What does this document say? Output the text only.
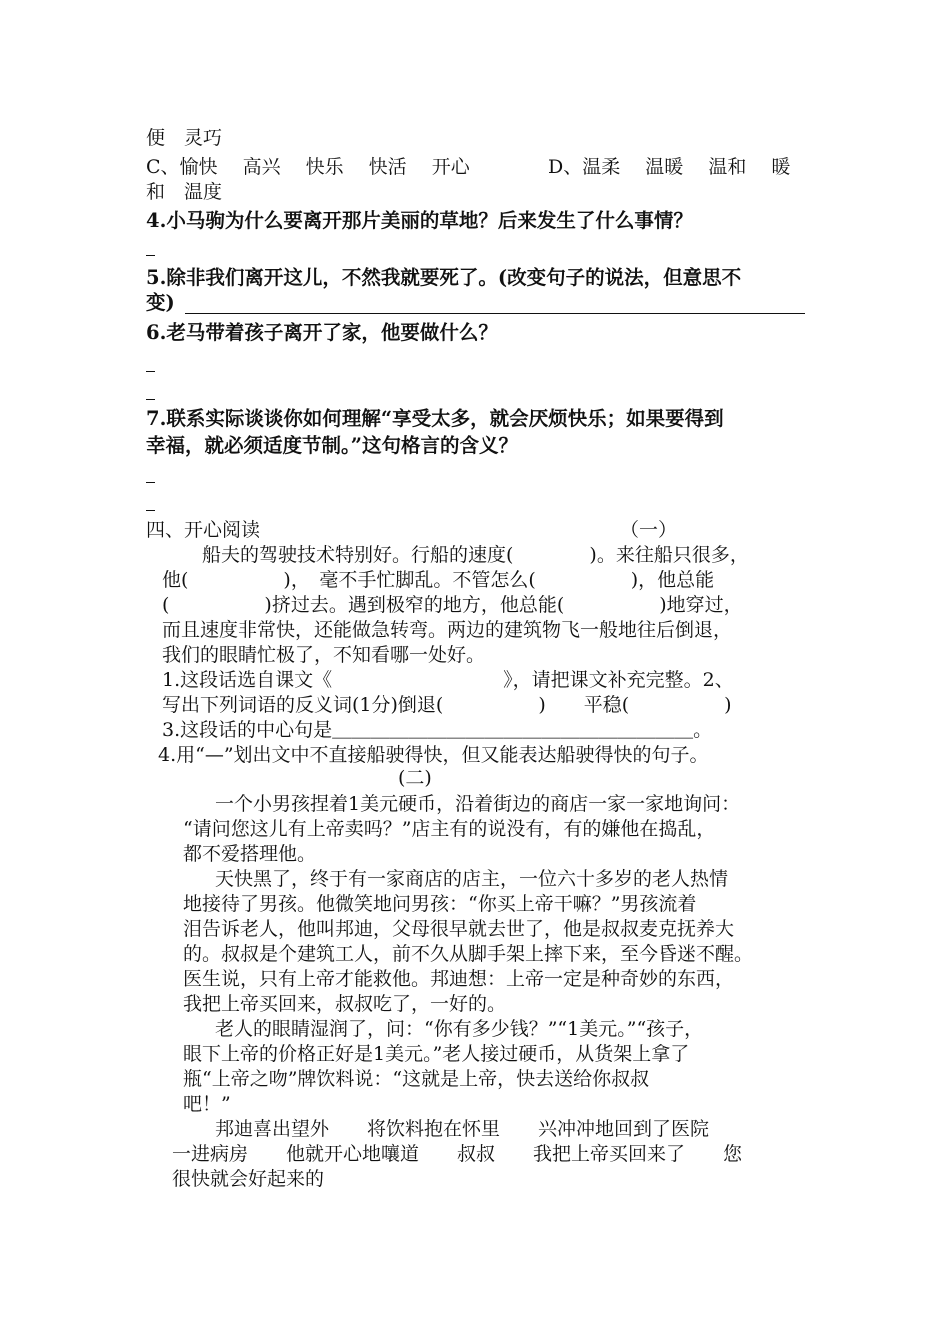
便　灵巧
C、愉快　 高兴　 快乐　 快活　 开心	D、温柔　 温暖　 温和　 暖
和　温度
4.小马驹为什么要离开那片美丽的草地？后来发生了什么事情？
5.除非我们离开这儿，不然我就要死了。(改变句子的说法，但意思不
变)
6.老马带着孩子离开了家，他要做什么？
7.联系实际谈谈你如何理解“享受太多，就会厌烦快乐；如果要得到
幸福，就必须适度节制。”这句格言的含义？
四、开心阅读	（一）
船夫的驾驶技术特别好。行船的速度(　　　　)。来往船只很多，
他(　　　　　)，　毫不手忙脚乱。不管怎么(　　　　　)，他总能
(　　　　　)挤过去。遇到极窄的地方，他总能(　　　　　)地穿过，
而且速度非常快，还能做急转弯。两边的建筑物飞一般地往后倒退，
我们的眼睛忙极了，不知看哪一处好。
1.这段话选自课文《　　　　　　　　　》，请把课文补充完整。2、
写出下列词语的反义词(1分)倒退(　　　　　)　　平稳(　　　　　)
3.这段话的中心句是＿＿＿＿＿＿＿＿＿＿＿＿＿＿＿＿＿＿＿。
4.用“—”划出文中不直接船驶得快，但又能表达船驶得快的句子。
(二)
一个小男孩捏着1美元硬币，沿着街边的商店一家一家地询问：
“请问您这儿有上帝卖吗？”店主有的说没有，有的嫌他在捣乱，
都不爱搭理他。
天快黑了，终于有一家商店的店主，一位六十多岁的老人热情
地接待了男孩。他微笑地问男孩：“你买上帝干嘛？”男孩流着
泪告诉老人，他叫邦迪，父母很早就去世了，他是叔叔麦克抚养大
的。叔叔是个建筑工人，前不久从脚手架上摔下来，至今昏迷不醒。
医生说，只有上帝才能救他。邦迪想：上帝一定是种奇妙的东西，
我把上帝买回来，叔叔吃了，一好的。
老人的眼睛湿润了，问：“你有多少钱？”“1美元。”“孩子，
眼下上帝的价格正好是1美元。”老人接过硬币，从货架上拿了
瓶“上帝之吻”牌饮料说：“这就是上帝，快去送给你叔叔
吧！”
邦迪喜出望外　　将饮料抱在怀里　　兴冲冲地回到了医院
一进病房　　他就开心地嚷道　　叔叔　　我把上帝买回来了　　您
很快就会好起来的
